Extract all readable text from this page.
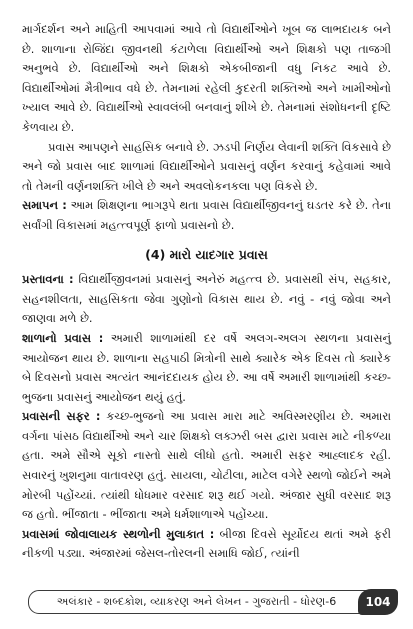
માર્ગદર્શન અને માહિતી આપવામાં આવે તો વિદ્યાર્થીઓને ખૂબ જ લાભદાયક બને છે. શાળાના રોજિંદા જીવનથી કંટાળેલા વિદ્યાર્થીઓ અને શિક્ષકો પણ તાજગી અનુભવે છે. વિદ્યાર્થીઓ અને શિક્ષકો એકબીજાની વધુ નિકટ આવે છે. વિદ્યાર્થીઓમાં મૈત્રીભાવ વધે છે. તેમનામાં રહેલી કુદરતી શક્તિઓ અને ખામીઓનો ખ્યાલ આવે છે. વિદ્યાર્થીઓ સ્વાવલંબી બનવાનું શીખે છે. તેમનામાં સંશોધનની દૃષ્ટિ કેળવાય છે.

પ્રવાસ આપણને સાહસિક બનાવે છે. ઝડપી નિર્ણય લેવાની શક્તિ વિકસાવે છે અને જો પ્રવાસ બાદ શાળામાં વિદ્યાર્થીઓને પ્રવાસનું વર્ણન કરવાનું કહેવામાં આવે તો તેમની વર્ણનશક્તિ ખીલે છે અને અવલોકનકલા પણ વિકસે છે.

સમાપન : આમ શિક્ષણના ભાગરૂપે થતા પ્રવાસ વિદ્યાર્થીજીવનનું ઘડતર કરે છે. તેના સર્વાંગી વિકાસમાં મહત્ત્વપૂર્ણ ફાળો પ્રવાસનો છે.

(4) મારો યાદગાર પ્રવાસ

પ્રસ્તાવના : વિદ્યાર્થીજીવનમાં પ્રવાસનું અનેરું મહત્ત્વ છે. પ્રવાસથી સંપ, સહકાર, સહનશીલતા, સાહસિકતા જેવા ગુણોનો વિકાસ થાય છે. નવું - નવું જોવા અને જાણવા મળે છે.

શાળાનો પ્રવાસ : અમારી શાળામાંથી દર વર્ષે અલગ-અલગ સ્થળના પ્રવાસનું આયોજન થાય છે. શાળાના સહપાઠી મિત્રોની સાથે ક્યારેક એક દિવસ તો ક્યારેક બે દિવસનો પ્રવાસ અત્યંત આનંદદાયક હોય છે. આ વર્ષે અમારી શાળામાંથી કચ્છ-ભુજના પ્રવાસનું આયોજન થયું હતું.

પ્રવાસની સફર : કચ્છ-ભુજનો આ પ્રવાસ મારા માટે અવિસ્મરણીય છે. અમારા વર્ગના પાંસઠ વિદ્યાર્થીઓ અને ચાર શિક્ષકો લક્ઝરી બસ દ્વારા પ્રવાસ માટે નીકળ્યા હતા. અમે સૌએ સૂકો નાસ્તો સાથે લીધો હતો. અમારી સફર આહ્લાદક રહી. સવારનું ખુશનુમા વાતાવરણ હતું. સાયલા, ચોટીલા, માટેલ વગેરે સ્થળો જોઈને અમે મોરબી પહોંચ્યાં. ત્યાંથી ધોધમાર વરસાદ શરૂ થઈ ગયો. અંજાર સુધી વરસાદ શરૂ જ હતો. ભીંજાતા - ભીંજાતા અમે ધર્મશાળાએ પહોંચ્યા.

પ્રવાસમાં જોવાલાયક સ્થળોની મુલાકાત : બીજા દિવસે સૂર્યોદય થતાં અમે ફરી નીકળી પડ્યા. અંજારમાં જેસલ-તોરલની સમાધિ જોઈ, ત્યાંની

અલંકાર - શબ્દકોશ, વ્યાકરણ અને લેખન - ગુજરાતી - ધોરણ-6	104
